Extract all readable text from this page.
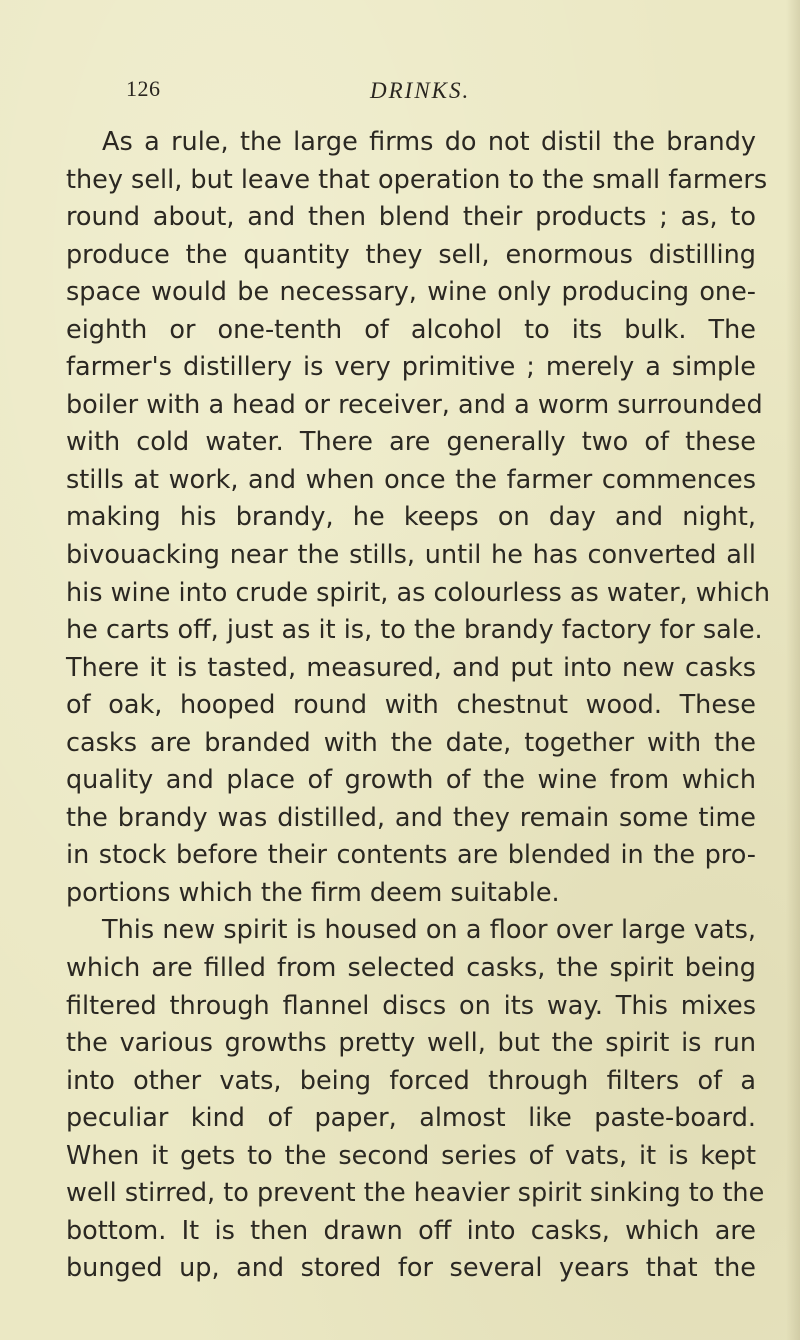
126	DRINKS.
As a rule, the large firms do not distil the brandy
they sell, but leave that operation to the small farmers
round about, and then blend their products ; as, to
produce the quantity they sell, enormous distilling
space would be necessary, wine only producing one-
eighth or one-tenth of alcohol to its bulk. The
farmer's distillery is very primitive ; merely a simple
boiler with a head or receiver, and a worm surrounded
with cold water. There are generally two of these
stills at work, and when once the farmer commences
making his brandy, he keeps on day and night,
bivouacking near the stills, until he has converted all
his wine into crude spirit, as colourless as water, which
he carts off, just as it is, to the brandy factory for sale.
There it is tasted, measured, and put into new casks
of oak, hooped round with chestnut wood. These
casks are branded with the date, together with the
quality and place of growth of the wine from which
the brandy was distilled, and they remain some time
in stock before their contents are blended in the pro-
portions which the firm deem suitable.
This new spirit is housed on a floor over large vats,
which are filled from selected casks, the spirit being
filtered through flannel discs on its way. This mixes
the various growths pretty well, but the spirit is run
into other vats, being forced through filters of a
peculiar kind of paper, almost like paste-board.
When it gets to the second series of vats, it is kept
well stirred, to prevent the heavier spirit sinking to the
bottom. It is then drawn off into casks, which are
bunged up, and stored for several years that the
